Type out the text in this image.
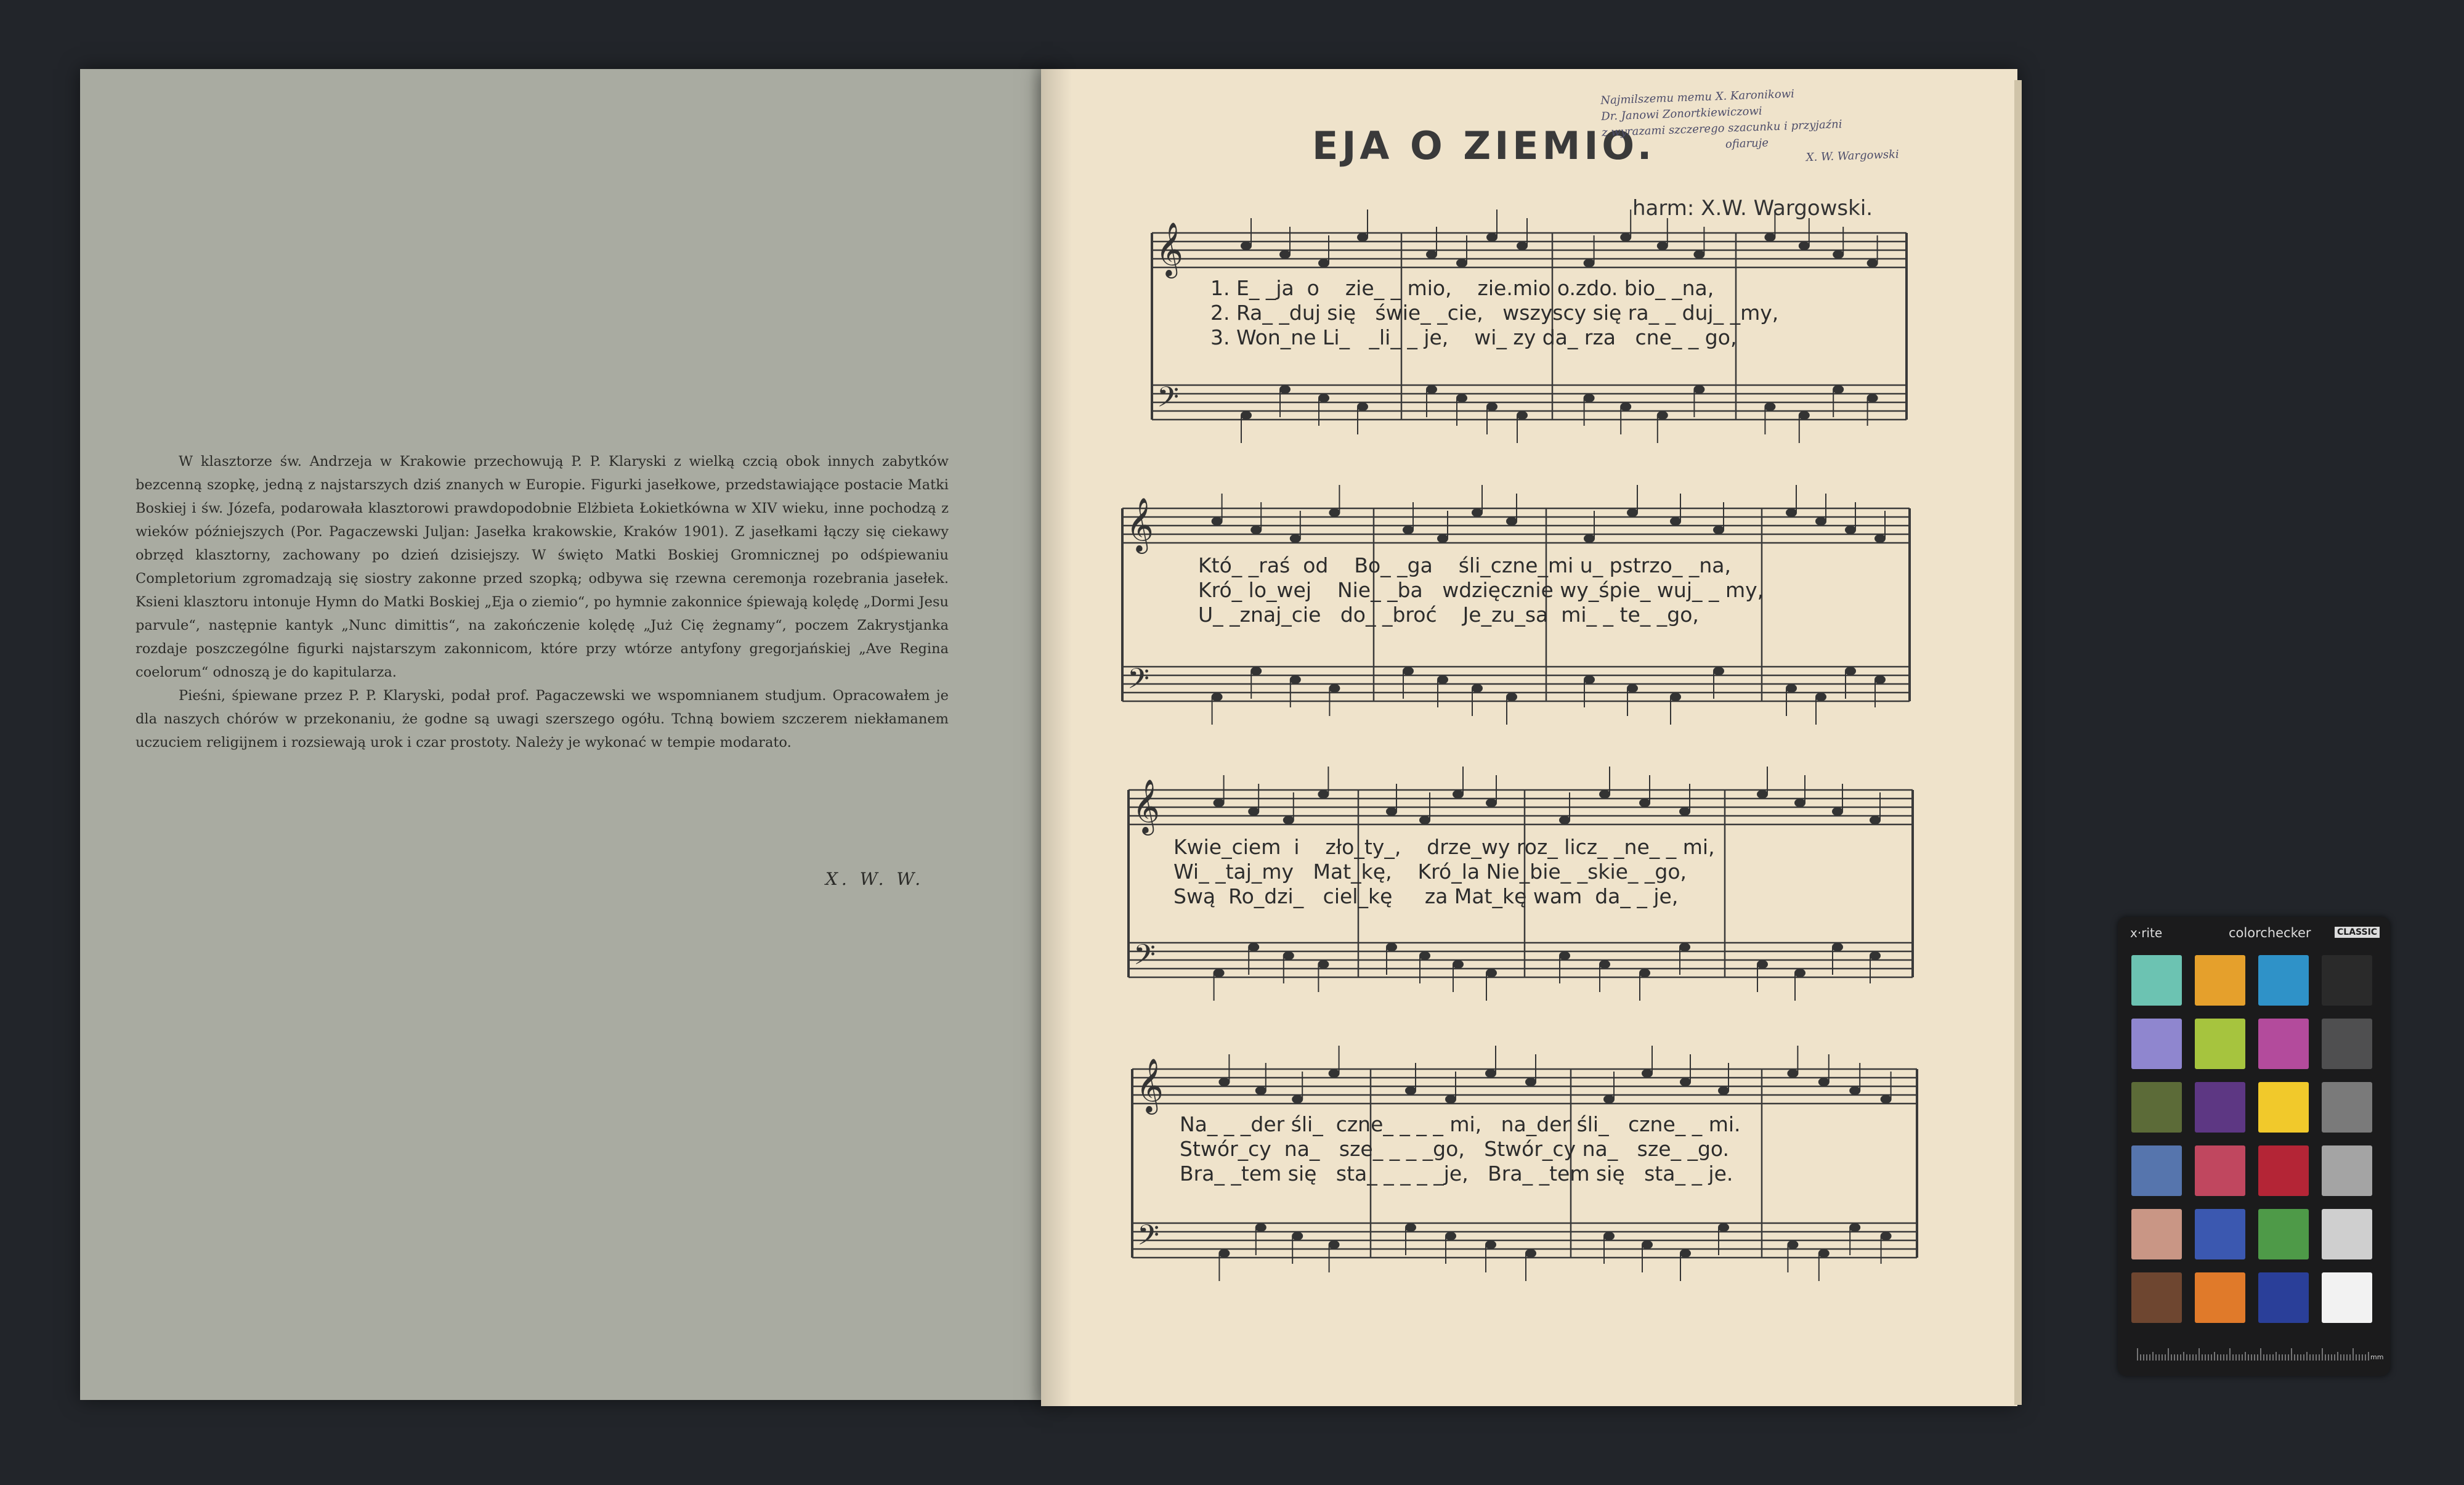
W klasztorze św. Andrzeja w Krakowie przechowują P. P. Klaryski z wielką czcią obok innych zabytków bezcenną szopkę, jedną z najstarszych dziś znanych w Europie. Figurki jasełkowe, przedstawiające postacie Matki Boskiej i św. Józefa, podarowała klasztorowi prawdopodobnie Elżbieta Łokietkówna w XIV wieku, inne pochodzą z wieków późniejszych (Por. Pagaczewski Juljan: Jasełka krakowskie, Kraków 1901). Z jasełkami łączy się ciekawy obrzęd klasztorny, zachowany po dzień dzisiejszy. W święto Matki Boskiej Gromnicznej po odśpiewaniu Completorium zgromadzają się siostry zakonne przed szopką; odbywa się rzewna ceremonja rozebrania jasełek. Ksieni klasztoru intonuje Hymn do Matki Boskiej „Eja o ziemio“, po hymnie zakonnice śpiewają kolędę „Dormi Jesu parvule“, następnie kantyk „Nunc dimittis“, na zakończenie kolędę „Już Cię żegnamy“, poczem Zakrystjanka rozdaje poszczególne figurki najstarszym zakonnicom, które przy wtórze antyfony gregorjańskiej „Ave Regina coelorum“ odnoszą je do kapitularza.

Pieśni, śpiewane przez P. P. Klaryski, podał prof. Pagaczewski we wspomnianem studjum. Opracowałem je dla naszych chórów w przekonaniu, że godne są uwagi szerszego ogółu. Tchną bowiem szczerem niekłamanem uczuciem religijnem i rozsiewają urok i czar prostoty. Należy je wykonać w tempie modarato.

X. W. W.
EJA O ZIEMIO.
harm: X.W. Wargowski.
Najmilszemu memu X. Karonikowi
Dr. Janowi Zonortkiewiczowi
z wyrazami szczerego szacunku i przyjaźni
ofiaruje
X. W. Wargowski
𝄞
𝄢
𝄞
𝄢
𝄞
𝄢
𝄞
𝄢
1. E_ _ja  o    zie_ _ mio,    zie.mio o.zdo. bio_ _na,
2. Ra_ _duj się   świe_ _cie,   wszyscy się ra_ _ duj_ _my,
3. Won_ne Li_   _li_ _ je,    wi_ zy da_ rza   cne_ _ go,
Któ_ _raś  od    Bo_ _ga    śli_czne_mi u_ pstrzo_ _na,
Kró_ lo_wej    Nie_ _ba   wdzięcznie wy_śpie_ wuj_ _ my,
U_ _znaj_cie   do_ _broć    Je_zu_sa  mi_ _ te_ _go,
Kwie_ciem  i    zło_ty_,    drze_wy roz_ licz_ _ne_ _ mi,
Wi_ _taj_my   Mat_kę,    Kró_la Nie_bie_ _skie_ _go,
Swą  Ro_dzi_   ciel_kę     za Mat_kę wam  da_ _ je,
Na_ _ _der śli_  czne_ _ _ _ mi,   na_der śli_   czne_ _ mi.
Stwór_cy  na_   sze_ _ _ _go,   Stwór_cy na_   sze_ _go.
Bra_ _tem się   sta_ _ _ _ _je,   Bra_ _tem się   sta_ _ je.
x·rite	colorchecker	CLASSIC
mm
